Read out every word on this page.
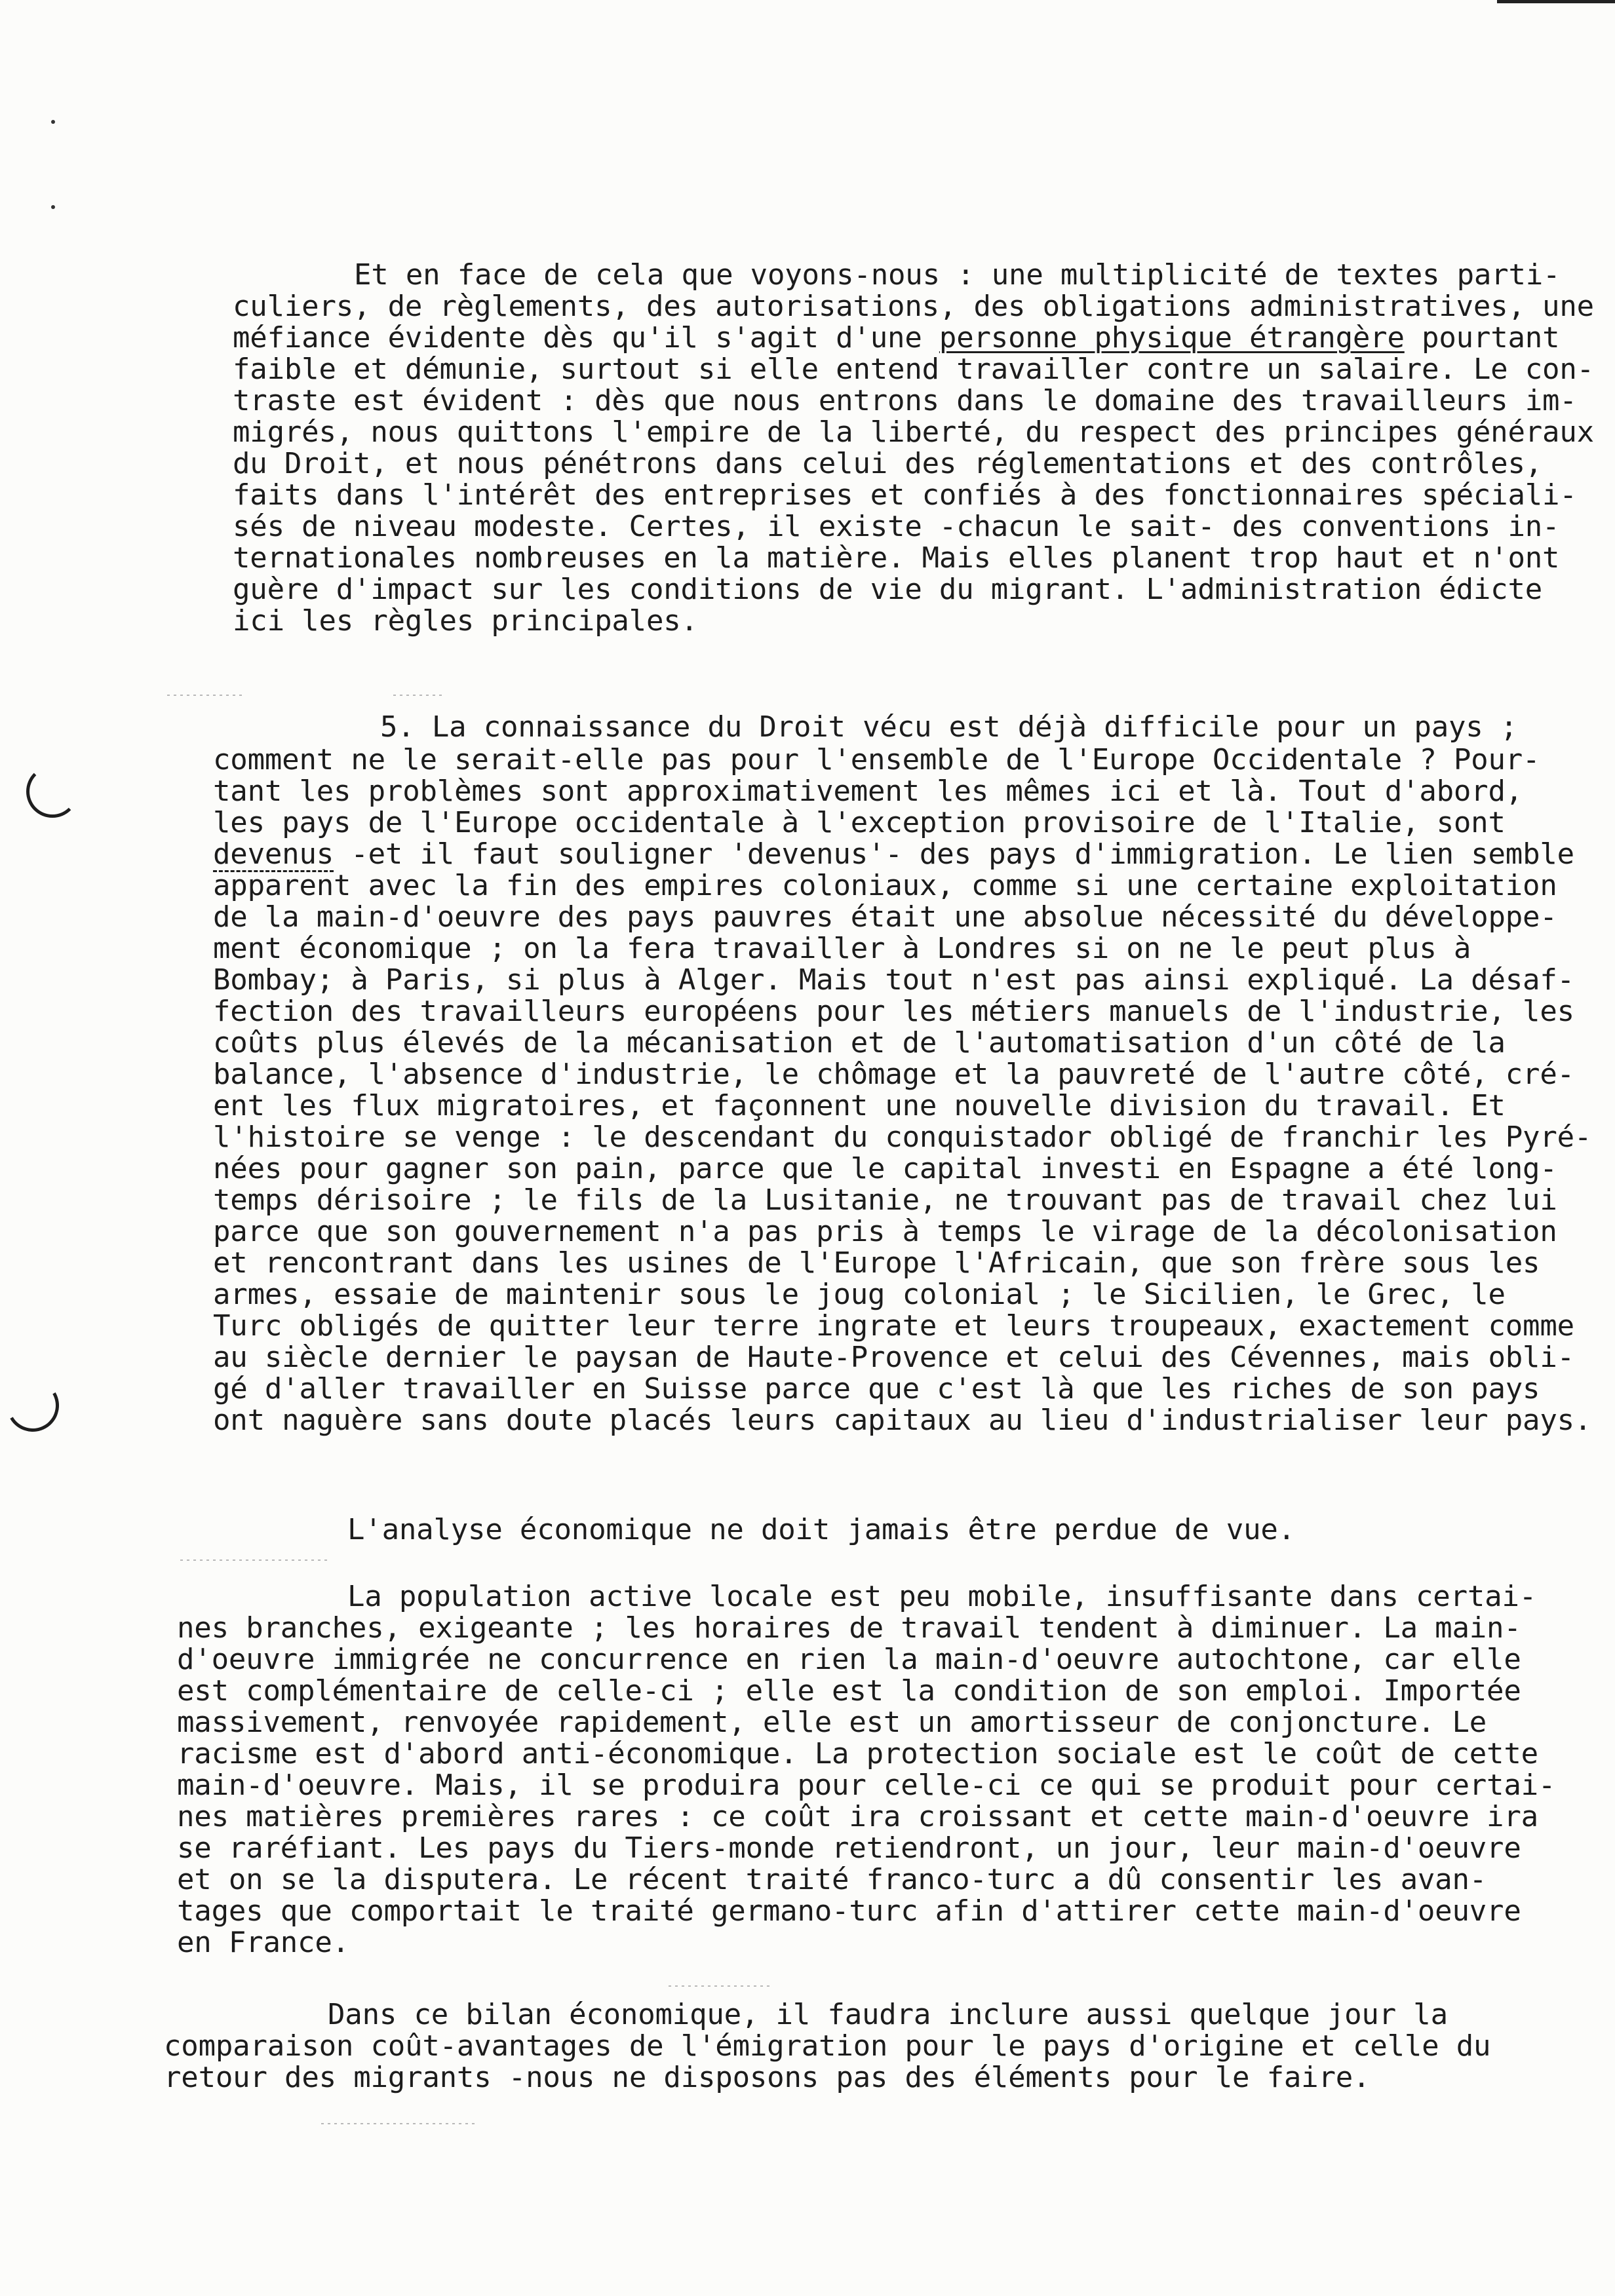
Et en face de cela que voyons-nous : une multiplicité de textes parti-
culiers, de règlements, des autorisations, des obligations administratives, une
méfiance évidente dès qu'il s'agit d'une personne physique étrangère pourtant
faible et démunie, surtout si elle entend travailler contre un salaire. Le con-
traste est évident : dès que nous entrons dans le domaine des travailleurs im-
migrés, nous quittons l'empire de la liberté, du respect des principes généraux
du Droit, et nous pénétrons dans celui des réglementations et des contrôles,
faits dans l'intérêt des entreprises et confiés à des fonctionnaires spéciali-
sés de niveau modeste. Certes, il existe -chacun le sait- des conventions in-
ternationales nombreuses en la matière. Mais elles planent trop haut et n'ont
guère d'impact sur les conditions de vie du migrant. L'administration édicte
ici les règles principales.
5. La connaissance du Droit vécu est déjà difficile pour un pays ;
comment ne le serait-elle pas pour l'ensemble de l'Europe Occidentale ? Pour-
tant les problèmes sont approximativement les mêmes ici et là. Tout d'abord,
les pays de l'Europe occidentale à l'exception provisoire de l'Italie, sont
devenus -et il faut souligner 'devenus'- des pays d'immigration. Le lien semble
apparent avec la fin des empires coloniaux, comme si une certaine exploitation
de la main-d'oeuvre des pays pauvres était une absolue nécessité du développe-
ment économique ; on la fera travailler à Londres si on ne le peut plus à
Bombay; à Paris, si plus à Alger. Mais tout n'est pas ainsi expliqué. La désaf-
fection des travailleurs européens pour les métiers manuels de l'industrie, les
coûts plus élevés de la mécanisation et de l'automatisation d'un côté de la
balance, l'absence d'industrie, le chômage et la pauvreté de l'autre côté, cré-
ent les flux migratoires, et façonnent une nouvelle division du travail. Et
l'histoire se venge : le descendant du conquistador obligé de franchir les Pyré-
nées pour gagner son pain, parce que le capital investi en Espagne a été long-
temps dérisoire ; le fils de la Lusitanie, ne trouvant pas de travail chez lui
parce que son gouvernement n'a pas pris à temps le virage de la décolonisation
et rencontrant dans les usines de l'Europe l'Africain, que son frère sous les
armes, essaie de maintenir sous le joug colonial ; le Sicilien, le Grec, le
Turc obligés de quitter leur terre ingrate et leurs troupeaux, exactement comme
au siècle dernier le paysan de Haute-Provence et celui des Cévennes, mais obli-
gé d'aller travailler en Suisse parce que c'est là que les riches de son pays
ont naguère sans doute placés leurs capitaux au lieu d'industrialiser leur pays.
L'analyse économique ne doit jamais être perdue de vue.
La population active locale est peu mobile, insuffisante dans certai-
nes branches, exigeante ; les horaires de travail tendent à diminuer. La main-
d'oeuvre immigrée ne concurrence en rien la main-d'oeuvre autochtone, car elle
est complémentaire de celle-ci ; elle est la condition de son emploi. Importée
massivement, renvoyée rapidement, elle est un amortisseur de conjoncture. Le
racisme est d'abord anti-économique. La protection sociale est le coût de cette
main-d'oeuvre. Mais, il se produira pour celle-ci ce qui se produit pour certai-
nes matières premières rares : ce coût ira croissant et cette main-d'oeuvre ira
se raréfiant. Les pays du Tiers-monde retiendront, un jour, leur main-d'oeuvre
et on se la disputera. Le récent traité franco-turc a dû consentir les avan-
tages que comportait le traité germano-turc afin d'attirer cette main-d'oeuvre
en France.
Dans ce bilan économique, il faudra inclure aussi quelque jour la
comparaison coût-avantages de l'émigration pour le pays d'origine et celle du
retour des migrants -nous ne disposons pas des éléments pour le faire.
